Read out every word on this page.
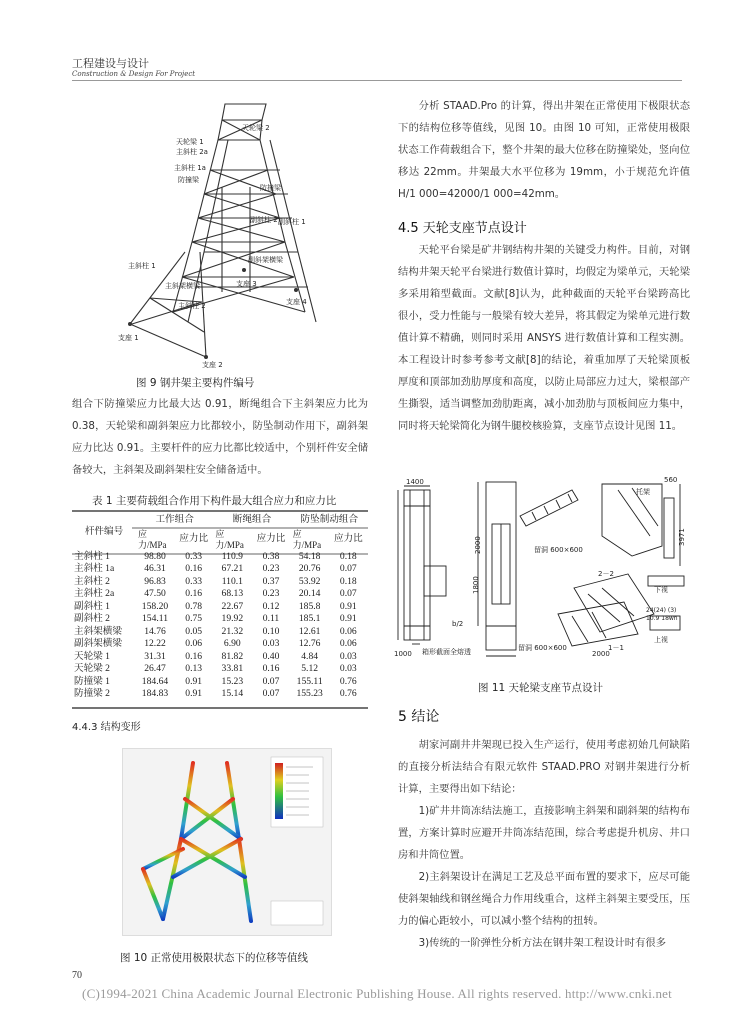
工程建设与设计
Construction & Design For Project
天轮梁 2
天轮梁 1
主斜柱 2a
主斜柱 1a
防撞梁
防撞梁
副斜柱 2 副斜柱 1
副斜架横梁
主斜架横梁
主斜柱 1
主斜柱 2
支座 1
支座 2
支座 3
支座 4
图 9 钢井架主要构件编号

组合下防撞梁应力比最大达 0.91，断绳组合下主斜架应力比为 0.38，天轮梁和副斜架应力比都较小，防坠制动作用下，副斜架应力比达 0.91。主要杆件的应力比都比较适中，个别杆件安全储备较大，主斜架及副斜架柱安全储备适中。

表 1 主要荷载组合作用下构件最大组合应力和应力比
杆件编号	工作组合		断绳组合		防坠制动组合	

	应力/MPa	应力比	应力/MPa	应力比	应力/MPa	应力比
主斜柱 1	98.80	0.33	110.9	0.38	54.18	0.18
主斜柱 1a	46.31	0.16	67.21	0.23	20.76	0.07
主斜柱 2	96.83	0.33	110.1	0.37	53.92	0.18
主斜柱 2a	47.50	0.16	68.13	0.23	20.14	0.07
副斜柱 1	158.20	0.78	22.67	0.12	185.8	0.91
副斜柱 2	154.11	0.75	19.92	0.11	185.1	0.91
主斜架横梁	14.76	0.05	21.32	0.10	12.61	0.06
副斜架横梁	12.22	0.06	6.90	0.03	12.76	0.06
天轮梁 1	31.31	0.16	81.82	0.40	4.84	0.03
天轮梁 2	26.47	0.13	33.81	0.16	5.12	0.03
防撞梁 1	184.64	0.91	15.23	0.07	155.11	0.76
防撞梁 2	184.83	0.91	15.14	0.07	155.23	0.76
4.4.3 结构变形
图 10 正常使用极限状态下的位移等值线

分析 STAAD.Pro 的计算，得出井架在正常使用下极限状态下的结构位移等值线，见图 10。由图 10 可知，正常使用极限状态工作荷载组合下，整个井架的最大位移在防撞梁处，竖向位移达 22mm。井架最大水平位移为 19mm，小于规范允许值 H/1 000=42000/1 000=42mm。

4.5 天轮支座节点设计

天轮平台梁是矿井钢结构井架的关键受力构件。目前，对钢结构井架天轮平台梁进行数值计算时，均假定为梁单元，天轮梁多采用箱型截面。文献[8]认为，此种截面的天轮平台梁跨高比很小，受力性能与一般梁有较大差异，将其假定为梁单元进行数值计算不精确，则同时采用 ANSYS 进行数值计算和工程实测。本工程设计时参考参考文献[8]的结论，着重加厚了天轮梁顶板厚度和顶部加劲肋厚度和高度，以防止局部应力过大，梁根部产生撕裂，适当调整加劲肋距离，减小加劲肋与顶板间应力集中，同时将天轮梁简化为钢牛腿校核验算，支座节点设计见图 11。

1400
2000
1800
1000
560
3971
2000
箱形截面全熔透
留洞 600×600
留洞 600×600
2－2
1－1
下视
上视
24(24) (3)
10.9 18wn
托架
b/2
图 11 天轮梁支座节点设计
5 结论

胡家河副井井架现已投入生产运行，使用考虑初始几何缺陷的直接分析法结合有限元软件 STAAD.PRO 对钢井架进行分析计算，主要得出如下结论：

1)矿井井筒冻结法施工，直接影响主斜架和副斜架的结构布置，方案计算时应避开井筒冻结范围，综合考虑提升机房、井口房和井筒位置。

2)主斜架设计在满足工艺及总平面布置的要求下，应尽可能使斜架轴线和钢丝绳合力作用线重合，这样主斜架主要受压，压力的偏心距较小，可以减小整个结构的扭转。

3)传统的一阶弹性分析方法在钢井架工程设计时有很多

70
(C)1994-2021 China Academic Journal Electronic Publishing House. All rights reserved. http://www.cnki.net
